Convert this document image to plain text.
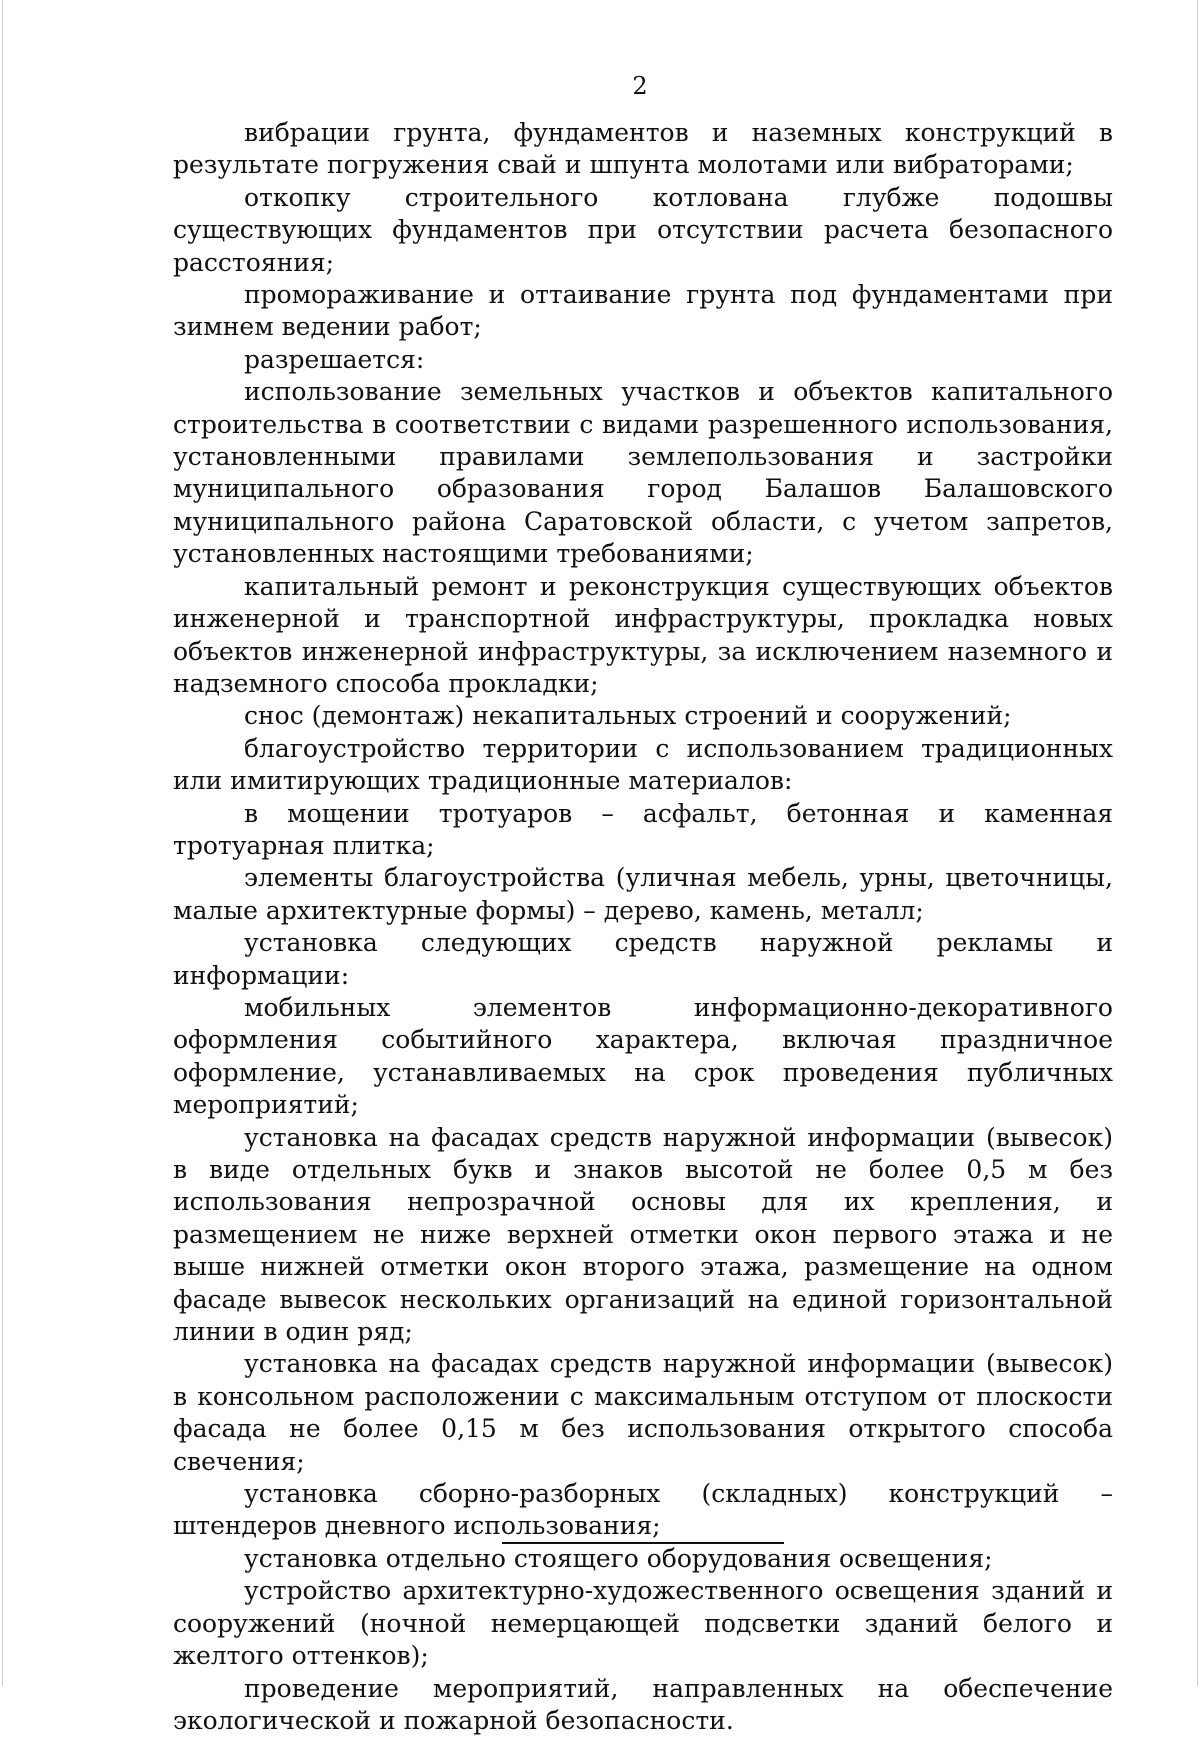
2

вибрации грунта, фундаментов и наземных конструкций в результате погружения свай и шпунта молотами или вибраторами;

откопку строительного котлована глубже подошвы существующих фундаментов при отсутствии расчета безопасного расстояния;

промораживание и оттаивание грунта под фундаментами при зимнем ведении работ;

разрешается:

использование земельных участков и объектов капитального строительства в соответствии с видами разрешенного использования, установленными правилами землепользования и застройки муниципального образования город Балашов Балашовского муниципального района Саратовской области, с учетом запретов, установленных настоящими требованиями;

капитальный ремонт и реконструкция существующих объектов инженерной и транспортной инфраструктуры, прокладка новых объектов инженерной инфраструктуры, за исключением наземного и надземного способа прокладки;

снос (демонтаж) некапитальных строений и сооружений;

благоустройство территории с использованием традиционных или имитирующих традиционные материалов:

в мощении тротуаров – асфальт, бетонная и каменная тротуарная плитка;

элементы благоустройства (уличная мебель, урны, цветочницы, малые архитектурные формы) – дерево, камень, металл;

установка следующих средств наружной рекламы и информации:

мобильных элементов информационно-декоративного оформления событийного характера, включая праздничное оформление, устанавливаемых на срок проведения публичных мероприятий;

установка на фасадах средств наружной информации (вывесок) в виде отдельных букв и знаков высотой не более 0,5 м без использования непрозрачной основы для их крепления, и размещением не ниже верхней отметки окон первого этажа и не выше нижней отметки окон второго этажа, размещение на одном фасаде вывесок нескольких организаций на единой горизонтальной линии в один ряд;

установка на фасадах средств наружной информации (вывесок) в консольном расположении с максимальным отступом от плоскости фасада не более 0,15 м без использования открытого способа свечения;

установка сборно-разборных (складных) конструкций – штендеров дневного использования;

установка отдельно стоящего оборудования освещения;

устройство архитектурно-художественного освещения зданий и сооружений (ночной немерцающей подсветки зданий белого и желтого оттенков);

проведение мероприятий, направленных на обеспечение экологической и пожарной безопасности.
